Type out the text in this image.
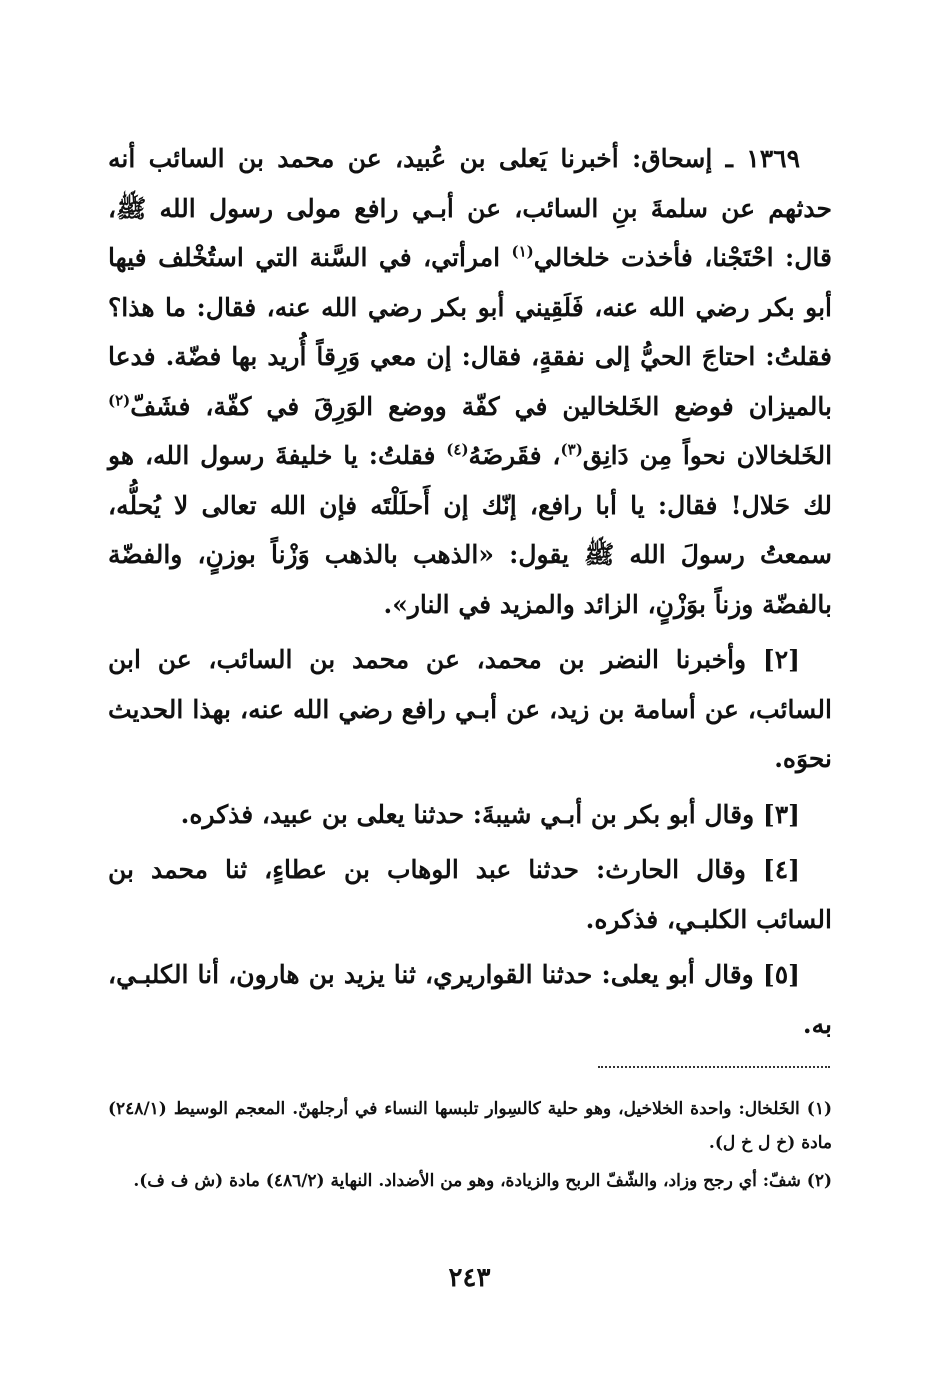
١٣٦٩ ـ إسحاق: أخبرنا يَعلى بن عُبيد، عن محمد بن السائب أنه حدثهم عن سلمةَ بنِ السائب، عن أبـي رافع مولى رسول الله ﷺ، قال: احْتَجْنا، فأخذت خلخالي$^{(١)}$ امرأتي، في السَّنة التي استُخْلف فيها أبو بكر رضي الله عنه، فَلَقِيني أبو بكر رضي الله عنه، فقال: ما هذا؟ فقلتُ: احتاجَ الحيُّ إلى نفقةٍ، فقال: إن معي وَرِقاً أُريد بها فضّة. فدعا بالميزان فوضع الخَلخالين في كفّة ووضع الوَرِقَ في كفّة، فشَفّ$^{(٢)}$ الخَلخالان نحواً مِن دَانِق$^{(٣)}$، فقَرضَهُ$^{(٤)}$ فقلتُ: يا خليفةَ رسول الله، هو لك حَلال! فقال: يا أبا رافع، إنّك إن أَحلَلْتَه فإن الله تعالى لا يُحلُّه، سمعتُ رسولَ الله ﷺ يقول: «الذهب بالذهب وَزْناً بوزنٍ، والفضّة بالفضّة وزناً بوَزْنٍ، الزائد والمزيد في النار».

[٢] وأخبرنا النضر بن محمد، عن محمد بن السائب، عن ابن السائب، عن أسامة بن زيد، عن أبـي رافع رضي الله عنه، بهذا الحديث نحوَه.

[٣] وقال أبو بكر بن أبـي شيبةَ: حدثنا يعلى بن عبيد، فذكره.

[٤] وقال الحارث: حدثنا عبد الوهاب بن عطاءٍ، ثنا محمد بن السائب الكلبـي، فذكره.

[٥] وقال أبو يعلى: حدثنا القواريري، ثنا يزيد بن هارون، أنا الكلبـي، به.

(١) الخَلخال: واحدة الخلاخيل، وهو حلية كالسِوار تلبسها النساء في أرجلهنّ. المعجم الوسيط (٢٤٨/١) مادة (خ ل خ ل).

(٢) شفّ: أي رجح وزاد، والشّفّ الربح والزيادة، وهو من الأضداد. النهاية (٤٨٦/٢) مادة (ش ف ف).

٢٤٣
